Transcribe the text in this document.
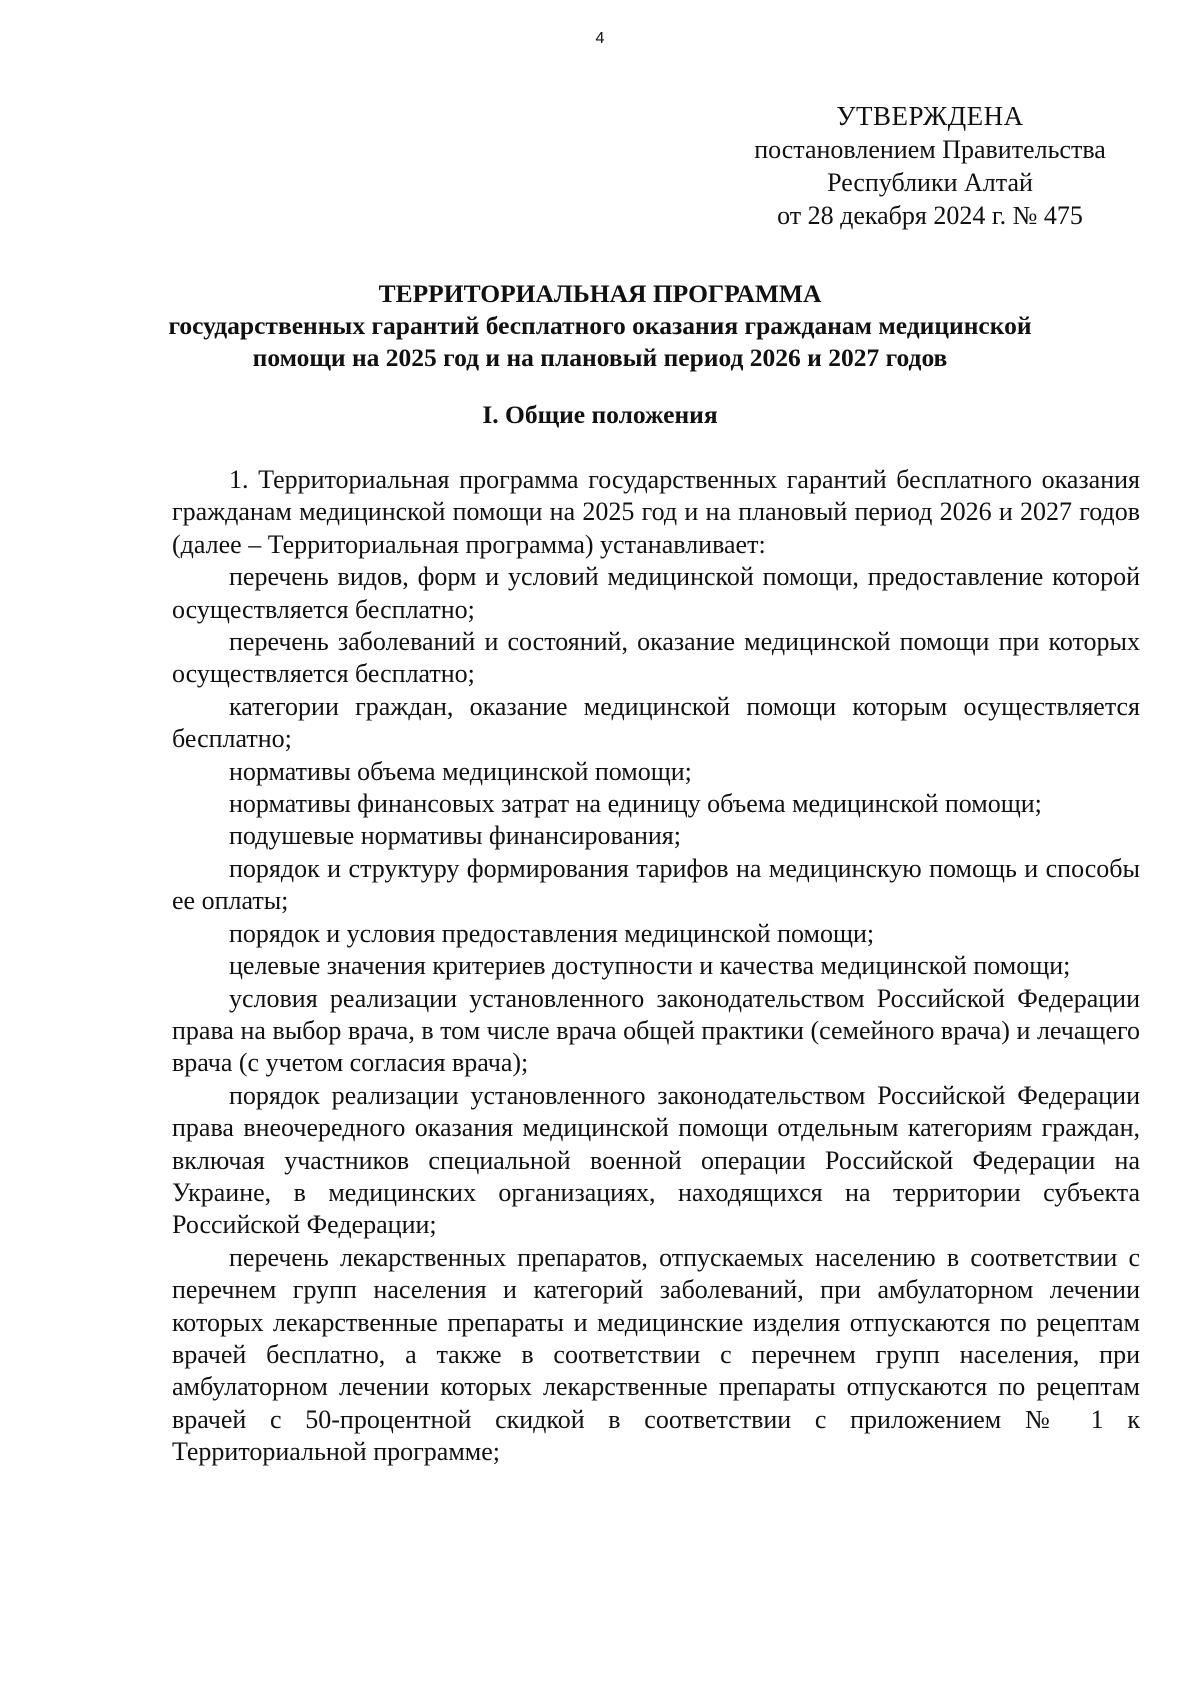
4
УТВЕРЖДЕНА
постановлением Правительства
Республики Алтай
от 28 декабря 2024 г. № 475
ТЕРРИТОРИАЛЬНАЯ ПРОГРАММА
государственных гарантий бесплатного оказания гражданам медицинской
помощи на 2025 год и на плановый период 2026 и 2027 годов
I. Общие положения

1. Территориальная программа государственных гарантий бесплатного оказания гражданам медицинской помощи на 2025 год и на плановый период 2026 и 2027 годов (далее – Территориальная программа) устанавливает:

перечень видов, форм и условий медицинской помощи, предоставление которой осуществляется бесплатно;

перечень заболеваний и состояний, оказание медицинской помощи при которых осуществляется бесплатно;

категории граждан, оказание медицинской помощи которым осуществляется бесплатно;

нормативы объема медицинской помощи;

нормативы финансовых затрат на единицу объема медицинской помощи;

подушевые нормативы финансирования;

порядок и структуру формирования тарифов на медицинскую помощь и способы ее оплаты;

порядок и условия предоставления медицинской помощи;

целевые значения критериев доступности и качества медицинской помощи;

условия реализации установленного законодательством Российской Федерации права на выбор врача, в том числе врача общей практики (семейного врача) и лечащего врача (с учетом согласия врача);

порядок реализации установленного законодательством Российской Федерации права внеочередного оказания медицинской помощи отдельным категориям граждан, включая участников специальной военной операции Российской Федерации на Украине, в медицинских организациях, находящихся на территории субъекта Российской Федерации;

перечень лекарственных препаратов, отпускаемых населению в соответствии с перечнем групп населения и категорий заболеваний, при амбулаторном лечении которых лекарственные препараты и медицинские изделия отпускаются по рецептам врачей бесплатно, а также в соответствии с перечнем групп населения, при амбулаторном лечении которых лекарственные препараты отпускаются по рецептам врачей с 50-процентной скидкой в соответствии с приложением № 1 к Территориальной программе;
